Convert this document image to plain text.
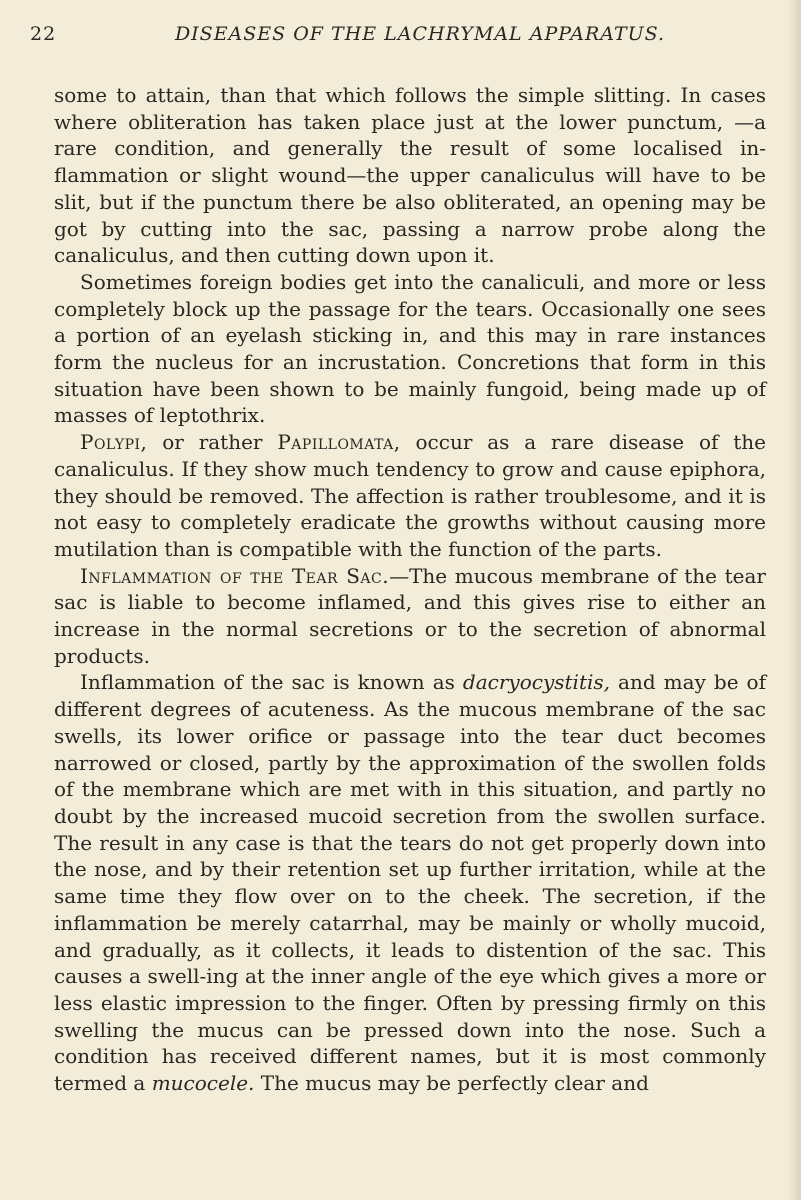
22	DISEASES OF THE LACHRYMAL APPARATUS.

some to attain, than that which follows the simple slitting. In cases where obliteration has taken place just at the lower punctum, —a rare condition, and generally the result of some localised in-flammation or slight wound—the upper canaliculus will have to be slit, but if the punctum there be also obliterated, an opening may be got by cutting into the sac, passing a narrow probe along the canaliculus, and then cutting down upon it.

Sometimes foreign bodies get into the canaliculi, and more or less completely block up the passage for the tears. Occasionally one sees a portion of an eyelash sticking in, and this may in rare instances form the nucleus for an incrustation. Concretions that form in this situation have been shown to be mainly fungoid, being made up of masses of leptothrix.

Polypi, or rather Papillomata, occur as a rare disease of the canaliculus. If they show much tendency to grow and cause epiphora, they should be removed. The affection is rather troublesome, and it is not easy to completely eradicate the growths without causing more mutilation than is compatible with the function of the parts.

Inflammation of the Tear Sac.—The mucous membrane of the tear sac is liable to become inflamed, and this gives rise to either an increase in the normal secretions or to the secretion of abnormal products.

Inflammation of the sac is known as dacryocystitis, and may be of different degrees of acuteness. As the mucous membrane of the sac swells, its lower orifice or passage into the tear duct becomes narrowed or closed, partly by the approximation of the swollen folds of the membrane which are met with in this situation, and partly no doubt by the increased mucoid secretion from the swollen surface. The result in any case is that the tears do not get properly down into the nose, and by their retention set up further irritation, while at the same time they flow over on to the cheek. The secretion, if the inflammation be merely catarrhal, may be mainly or wholly mucoid, and gradually, as it collects, it leads to distention of the sac. This causes a swell-ing at the inner angle of the eye which gives a more or less elastic impression to the finger. Often by pressing firmly on this swelling the mucus can be pressed down into the nose. Such a condition has received different names, but it is most commonly termed a mucocele. The mucus may be perfectly clear and
